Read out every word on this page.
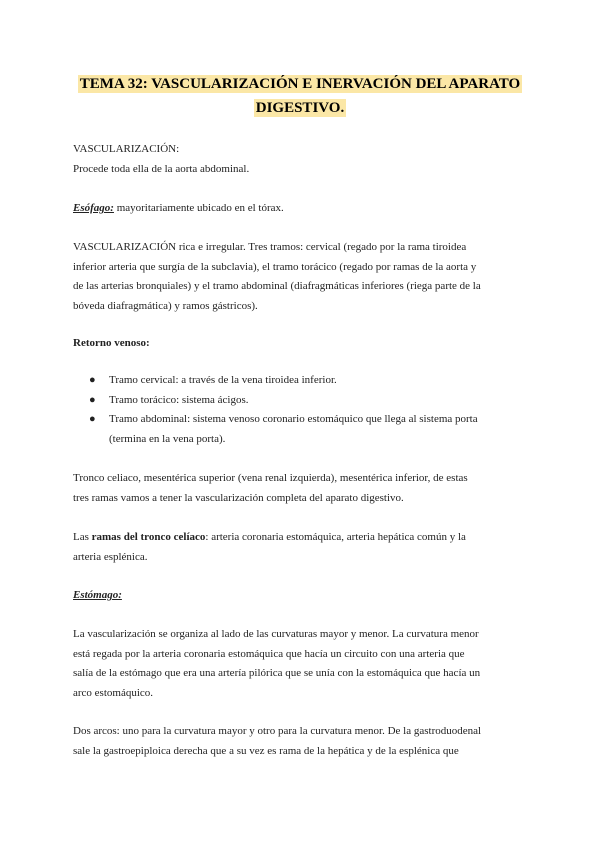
TEMA 32: VASCULARIZACIÓN E INERVACIÓN DEL APARATO
DIGESTIVO.

VASCULARIZACIÓN:
Procede toda ella de la aorta abdominal.

Esófago: mayoritariamente ubicado en el tórax.

VASCULARIZACIÓN rica e irregular. Tres tramos: cervical (regado por la rama tiroidea
inferior arteria que surgía de la subclavia), el tramo torácico (regado por ramas de la aorta y
de las arterias bronquiales) y el tramo abdominal (diafragmáticas inferiores (riega parte de la
bóveda diafragmática) y ramos gástricos).

Retorno venoso:

● Tramo cervical: a través de la vena tiroidea inferior.
● Tramo torácico: sistema ácigos.
● Tramo abdominal: sistema venoso coronario estomáquico que llega al sistema porta
(termina en la vena porta).

Tronco celiaco, mesentérica superior (vena renal izquierda), mesentérica inferior, de estas
tres ramas vamos a tener la vascularización completa del aparato digestivo.

Las ramas del tronco celíaco: arteria coronaria estomáquica, arteria hepática común y la
arteria esplénica.

Estómago:

La vascularización se organiza al lado de las curvaturas mayor y menor. La curvatura menor
está regada por la arteria coronaria estomáquica que hacía un circuito con una arteria que
salía de la estómago que era una artería pilórica que se unía con la estomáquica que hacía un
arco estomáquico.

Dos arcos: uno para la curvatura mayor y otro para la curvatura menor. De la gastroduodenal
sale la gastroepiploica derecha que a su vez es rama de la hepática y de la esplénica que
